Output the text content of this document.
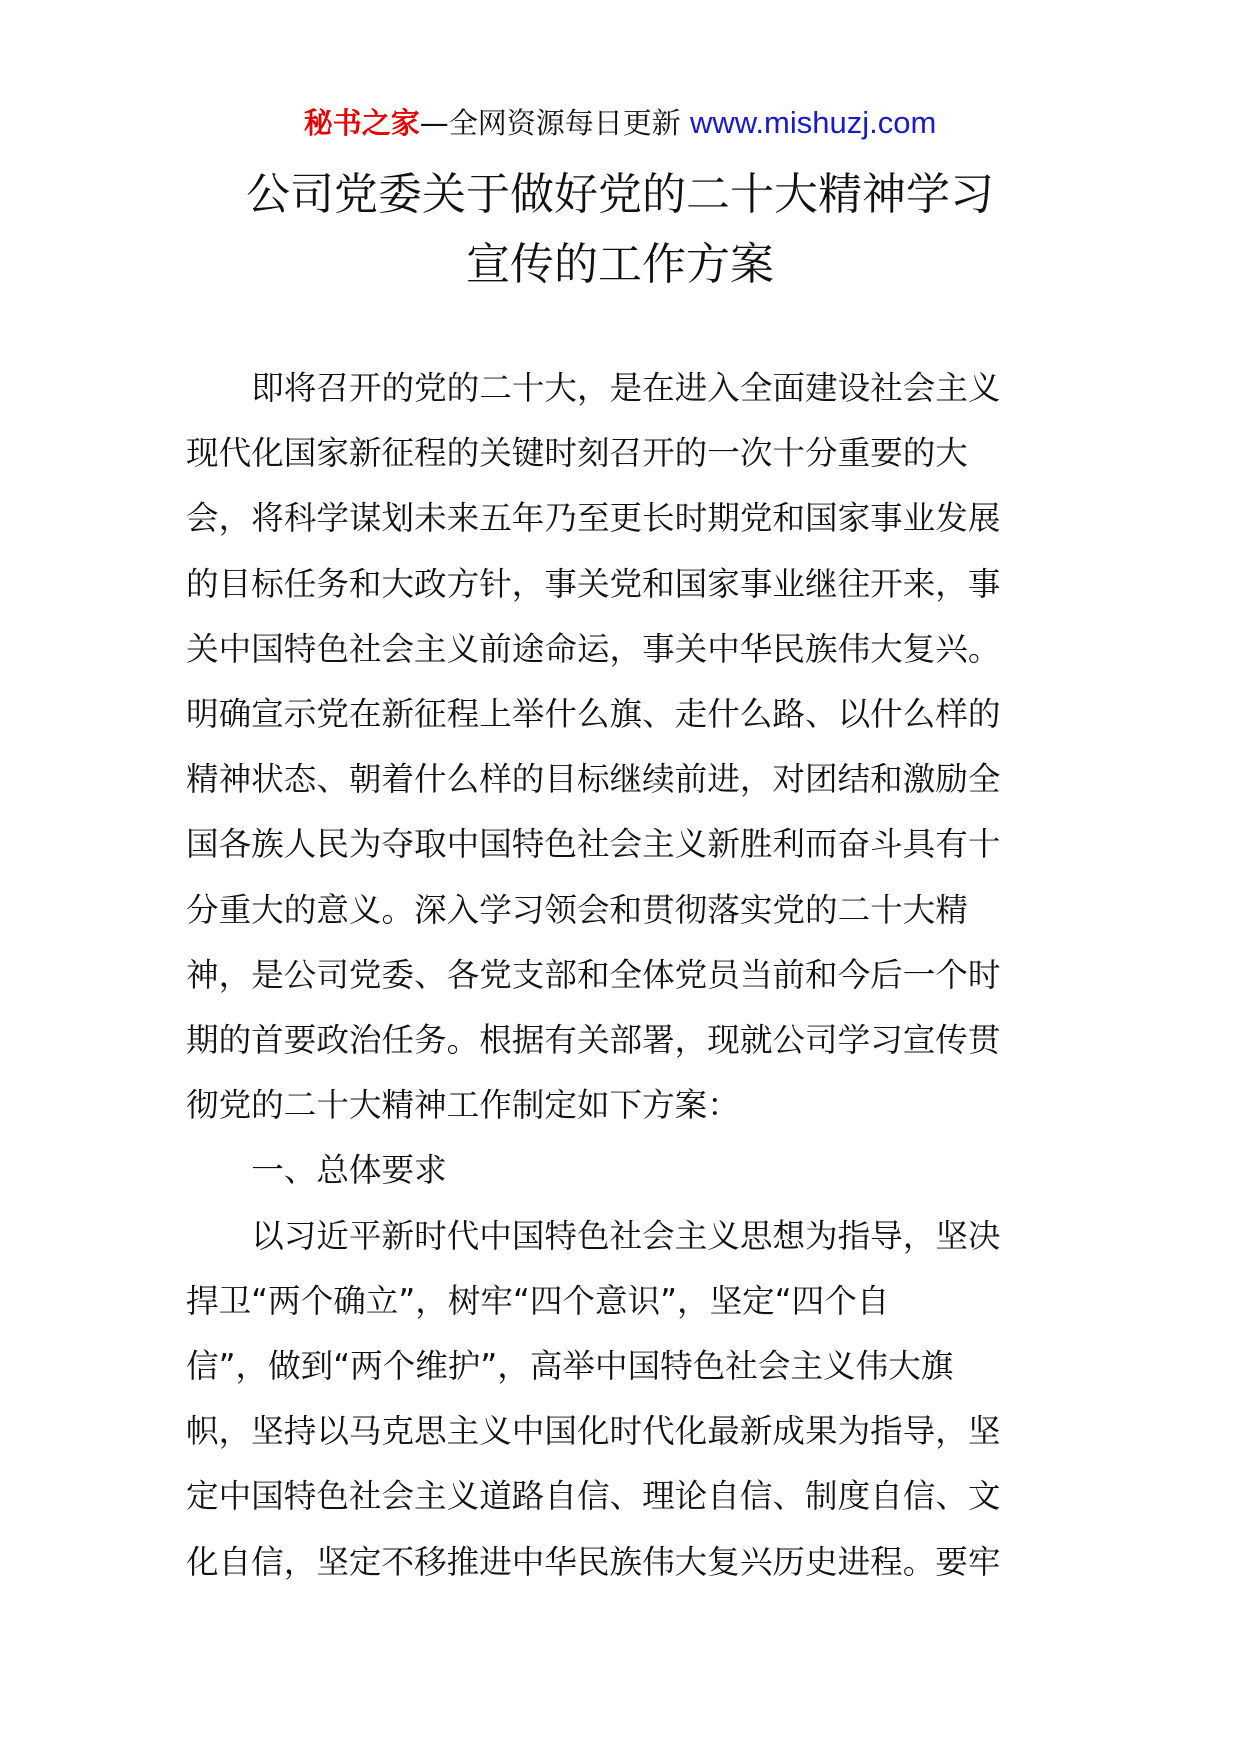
秘书之家—全网资源每日更新 www.mishuzj.com
公司党委关于做好党的二十大精神学习
宣传的工作方案

即将召开的党的二十大，是在进入全面建设社会主义
现代化国家新征程的关键时刻召开的一次十分重要的大
会，将科学谋划未来五年乃至更长时期党和国家事业发展
的目标任务和大政方针，事关党和国家事业继往开来，事
关中国特色社会主义前途命运，事关中华民族伟大复兴。
明确宣示党在新征程上举什么旗、走什么路、以什么样的
精神状态、朝着什么样的目标继续前进，对团结和激励全
国各族人民为夺取中国特色社会主义新胜利而奋斗具有十
分重大的意义。深入学习领会和贯彻落实党的二十大精
神，是公司党委、各党支部和全体党员当前和今后一个时
期的首要政治任务。根据有关部署，现就公司学习宣传贯
彻党的二十大精神工作制定如下方案：

一、总体要求

以习近平新时代中国特色社会主义思想为指导，坚决
捍卫“两个确立”，树牢“四个意识”，坚定“四个自
信”，做到“两个维护”，高举中国特色社会主义伟大旗
帜，坚持以马克思主义中国化时代化最新成果为指导，坚
定中国特色社会主义道路自信、理论自信、制度自信、文
化自信，坚定不移推进中华民族伟大复兴历史进程。要牢
